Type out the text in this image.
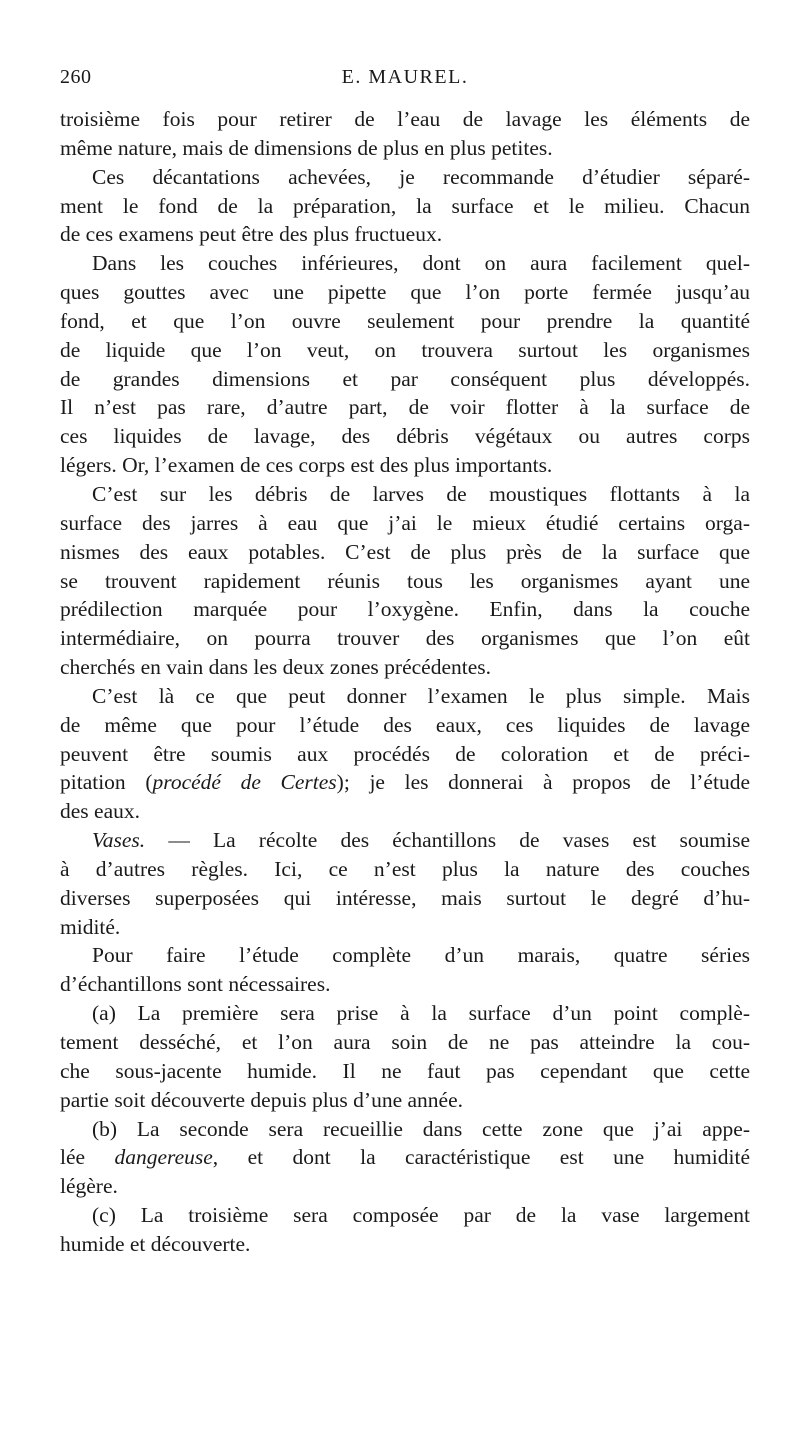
260	E. MAUREL.
troisième fois pour retirer de l’eau de lavage les éléments de
même nature, mais de dimensions de plus en plus petites.
Ces décantations achevées, je recommande d’étudier séparé-
ment le fond de la préparation, la surface et le milieu. Chacun
de ces examens peut être des plus fructueux.
Dans les couches inférieures, dont on aura facilement quel-
ques gouttes avec une pipette que l’on porte fermée jusqu’au
fond, et que l’on ouvre seulement pour prendre la quantité
de liquide que l’on veut, on trouvera surtout les organismes
de grandes dimensions et par conséquent plus développés.
Il n’est pas rare, d’autre part, de voir flotter à la surface de
ces liquides de lavage, des débris végétaux ou autres corps
légers. Or, l’examen de ces corps est des plus importants.
C’est sur les débris de larves de moustiques flottants à la
surface des jarres à eau que j’ai le mieux étudié certains orga-
nismes des eaux potables. C’est de plus près de la surface que
se trouvent rapidement réunis tous les organismes ayant une
prédilection marquée pour l’oxygène. Enfin, dans la couche
intermédiaire, on pourra trouver des organismes que l’on eût
cherchés en vain dans les deux zones précédentes.
C’est là ce que peut donner l’examen le plus simple. Mais
de même que pour l’étude des eaux, ces liquides de lavage
peuvent être soumis aux procédés de coloration et de préci-
pitation (procédé de Certes); je les donnerai à propos de l’étude
des eaux.
Vases. — La récolte des échantillons de vases est soumise
à d’autres règles. Ici, ce n’est plus la nature des couches
diverses superposées qui intéresse, mais surtout le degré d’hu-
midité.
Pour faire l’étude complète d’un marais, quatre séries
d’échantillons sont nécessaires.
(a) La première sera prise à la surface d’un point complè-
tement desséché, et l’on aura soin de ne pas atteindre la cou-
che sous-jacente humide. Il ne faut pas cependant que cette
partie soit découverte depuis plus d’une année.
(b) La seconde sera recueillie dans cette zone que j’ai appe-
lée dangereuse, et dont la caractéristique est une humidité
légère.
(c) La troisième sera composée par de la vase largement
humide et découverte.
